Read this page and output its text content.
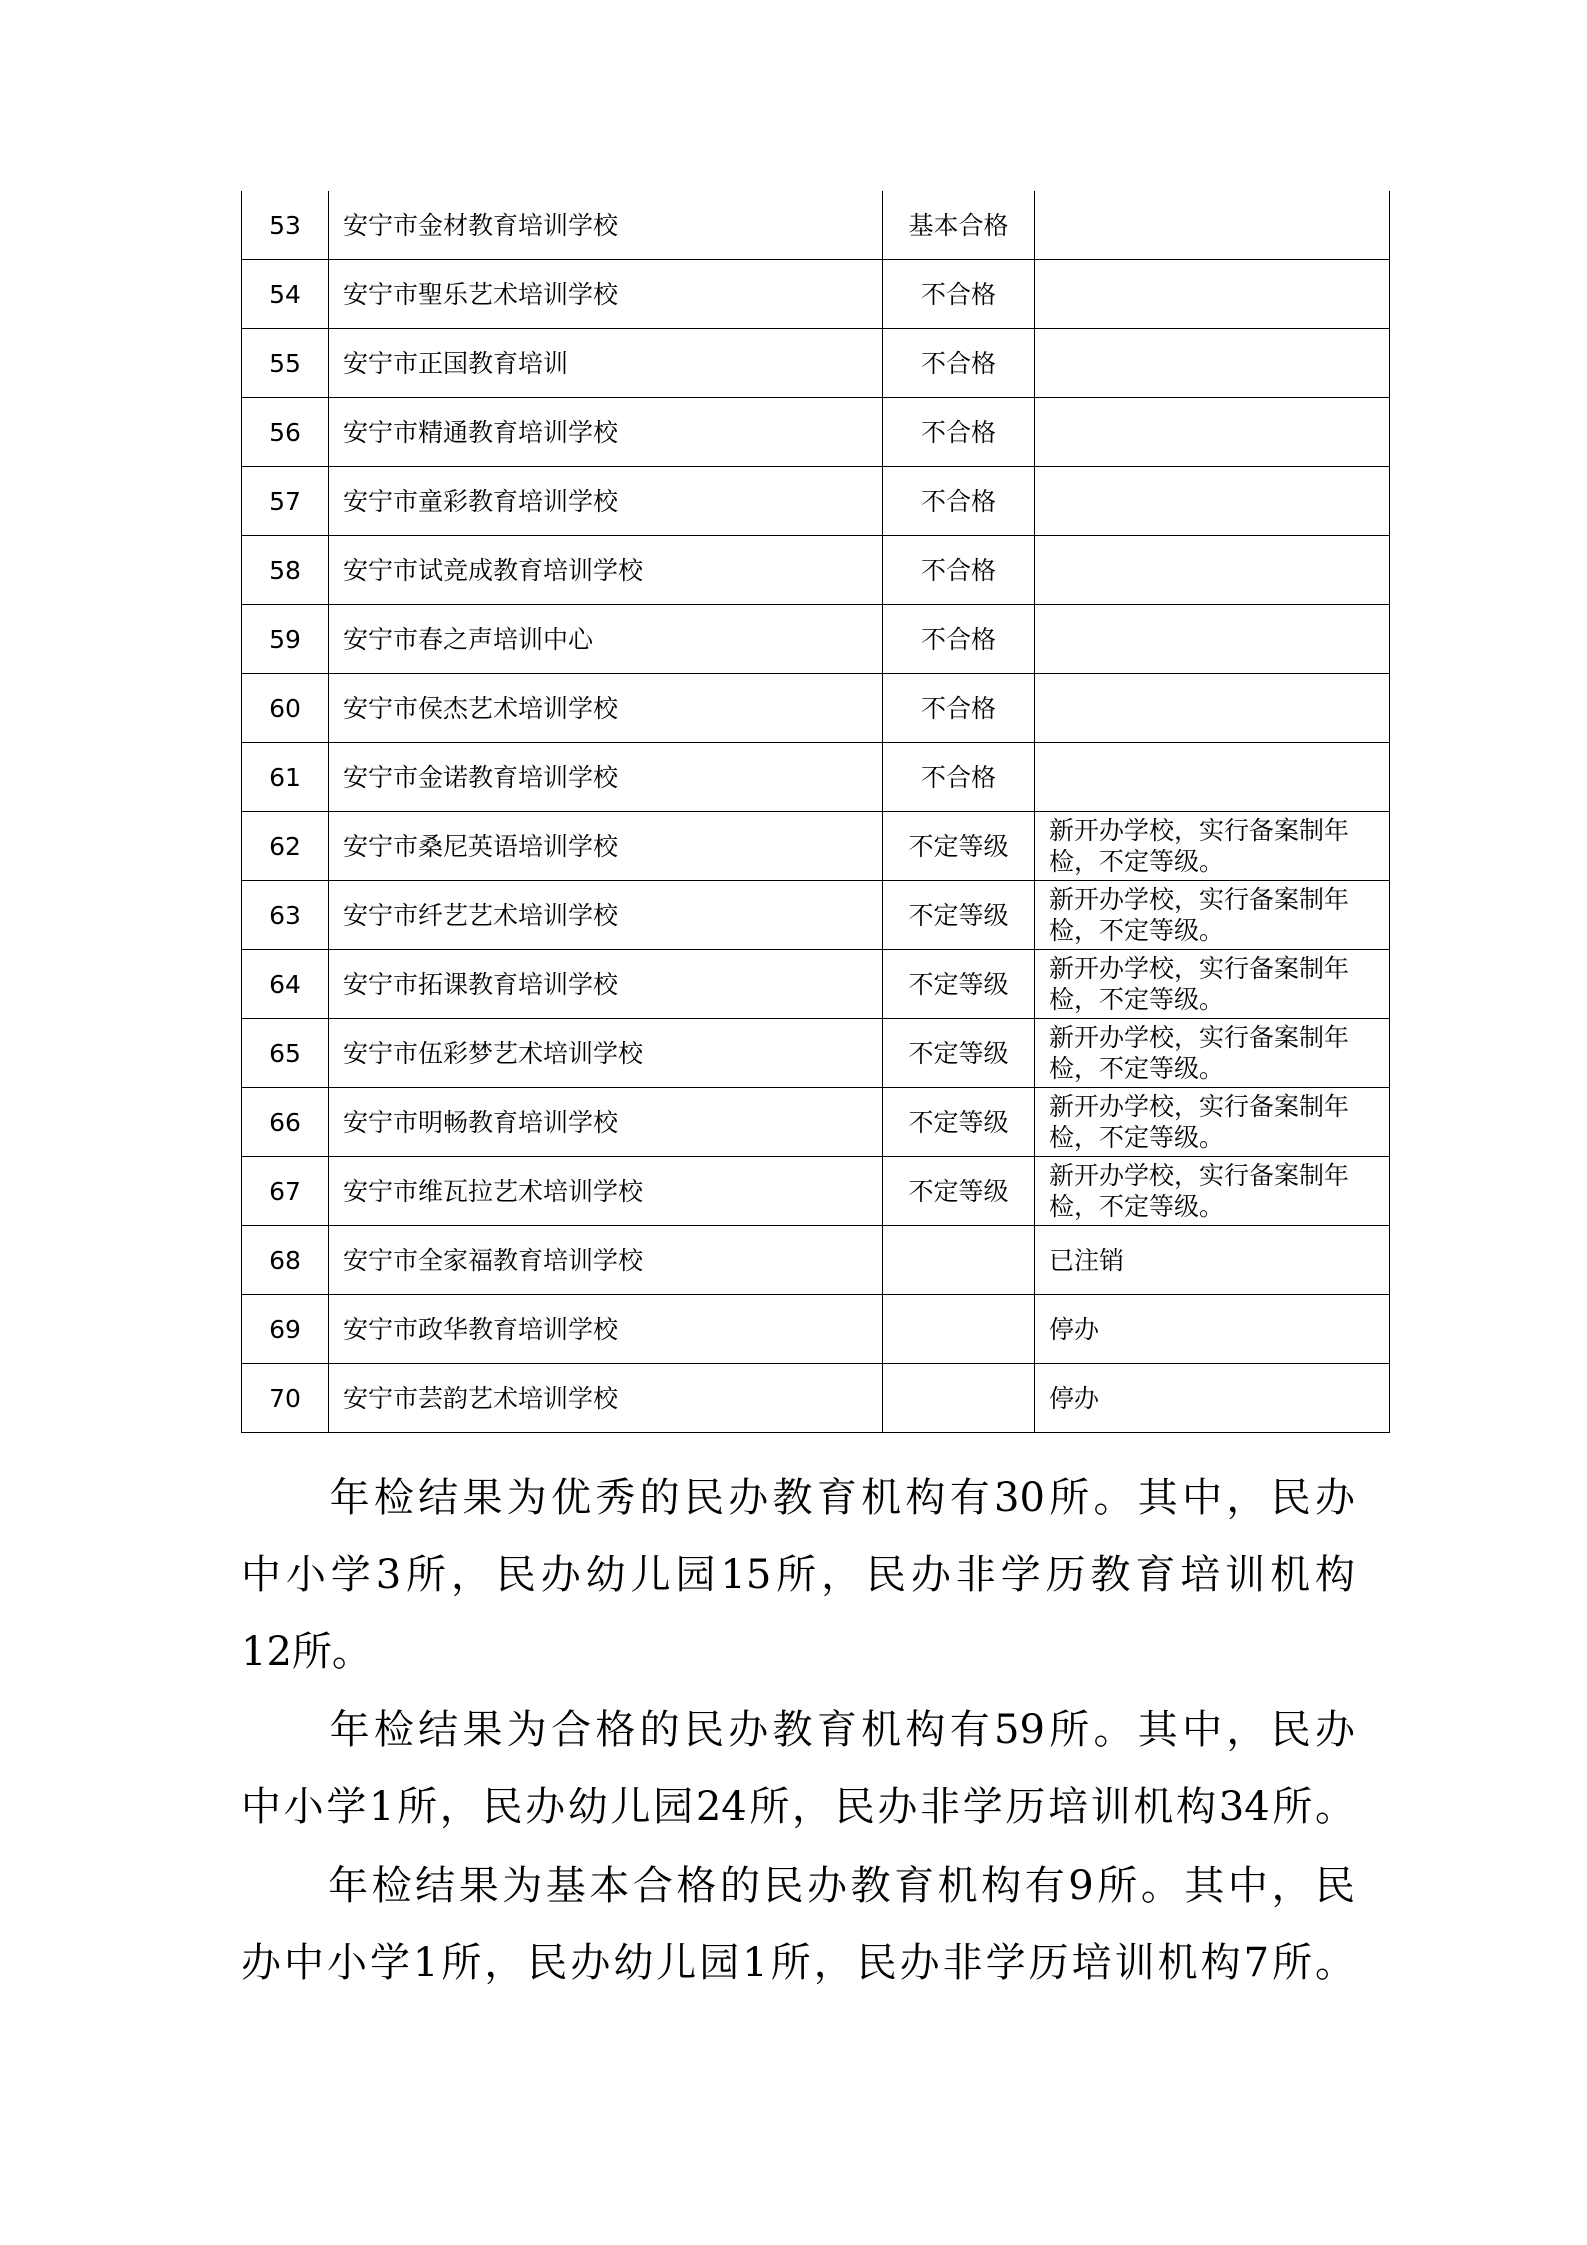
53	安宁市金材教育培训学校	基本合格	
54	安宁市聖乐艺术培训学校	不合格	
55	安宁市正国教育培训	不合格	
56	安宁市精通教育培训学校	不合格	
57	安宁市童彩教育培训学校	不合格	
58	安宁市试竞成教育培训学校	不合格	
59	安宁市春之声培训中心	不合格	
60	安宁市侯杰艺术培训学校	不合格	
61	安宁市金诺教育培训学校	不合格	
62	安宁市桑尼英语培训学校	不定等级	新开办学校，实行备案制年检，不定等级。
63	安宁市纤艺艺术培训学校	不定等级	新开办学校，实行备案制年检，不定等级。
64	安宁市拓课教育培训学校	不定等级	新开办学校，实行备案制年检，不定等级。
65	安宁市伍彩梦艺术培训学校	不定等级	新开办学校，实行备案制年检，不定等级。
66	安宁市明畅教育培训学校	不定等级	新开办学校，实行备案制年检，不定等级。
67	安宁市维瓦拉艺术培训学校	不定等级	新开办学校，实行备案制年检，不定等级。
68	安宁市全家福教育培训学校		已注销
69	安宁市政华教育培训学校		停办
70	安宁市芸韵艺术培训学校		停办

　　年检结果为优秀的民办教育机构有30所。其中，民办
中小学3所，民办幼儿园15所，民办非学历教育培训机构
12所。

　　年检结果为合格的民办教育机构有59所。其中，民办
中小学1所，民办幼儿园24所，民办非学历培训机构34所。

　　年检结果为基本合格的民办教育机构有9所。其中，民
办中小学1所，民办幼儿园1所，民办非学历培训机构7所。
